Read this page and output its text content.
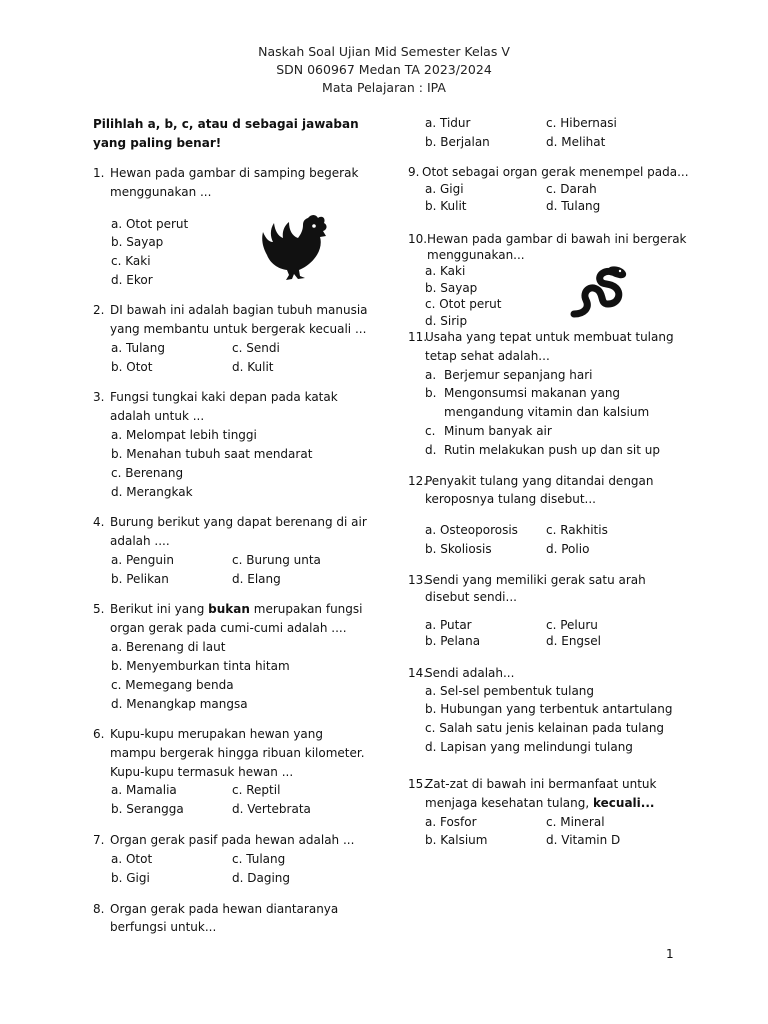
Naskah Soal Ujian Mid Semester Kelas V
SDN 060967 Medan TA 2023/2024
Mata Pelajaran : IPA
Pilihlah a, b, c, atau d sebagai jawaban yang paling benar!
1. Hewan pada gambar di samping begerak
menggunakan ...
a. Otot perut
b. Sayap
c. Kaki
d. Ekor
2. DI bawah ini adalah bagian tubuh manusia
yang membantu untuk bergerak kecuali ...
a. Tulang
b. Otot
c. Sendi
d. Kulit
3. Fungsi tungkai kaki depan pada katak
adalah untuk ...
a. Melompat lebih tinggi
b. Menahan tubuh saat mendarat
c. Berenang
d. Merangkak
4. Burung berikut yang dapat berenang di air
adalah ....
a. Penguin
b. Pelikan
c. Burung unta
d. Elang
5. Berikut ini yang bukan merupakan fungsi
organ gerak pada cumi-cumi adalah ....
a. Berenang di laut
b. Menyemburkan tinta hitam
c. Memegang benda
d. Menangkap mangsa
6. Kupu-kupu merupakan hewan yang
mampu bergerak hingga ribuan kilometer.
Kupu-kupu termasuk hewan ...
a. Mamalia
b. Serangga
c. Reptil
d. Vertebrata
7. Organ gerak pasif pada hewan adalah ...
a. Otot
b. Gigi
c. Tulang
d. Daging
8. Organ gerak pada hewan diantaranya
berfungsi untuk...
a. Tidur
b. Berjalan
c. Hibernasi
d. Melihat
9. Otot sebagai organ gerak menempel pada...
a. Gigi
b. Kulit
c. Darah
d. Tulang
10. Hewan pada gambar di bawah ini bergerak
menggunakan...
a. Kaki
b. Sayap
c. Otot perut
d. Sirip
11.
Usaha yang tepat untuk membuat tulang
tetap sehat adalah...
a. Berjemur sepanjang hari
b. Mengonsumsi makanan yang
mengandung vitamin dan kalsium
c. Minum banyak air
d. Rutin melakukan push up dan sit up
12.
Penyakit tulang yang ditandai dengan
keroposnya tulang disebut...
a. Osteoporosis
b. Skoliosis
c. Rakhitis
d. Polio
13.
Sendi yang memiliki gerak satu arah
disebut sendi...
a. Putar
b. Pelana
c. Peluru
d. Engsel
14.
Sendi adalah...
a. Sel-sel pembentuk tulang
b. Hubungan yang terbentuk antartulang
c. Salah satu jenis kelainan pada tulang
d. Lapisan yang melindungi tulang
15.
Zat-zat di bawah ini bermanfaat untuk
menjaga kesehatan tulang, kecuali...
a. Fosfor
b. Kalsium
c. Mineral
d. Vitamin D
1
